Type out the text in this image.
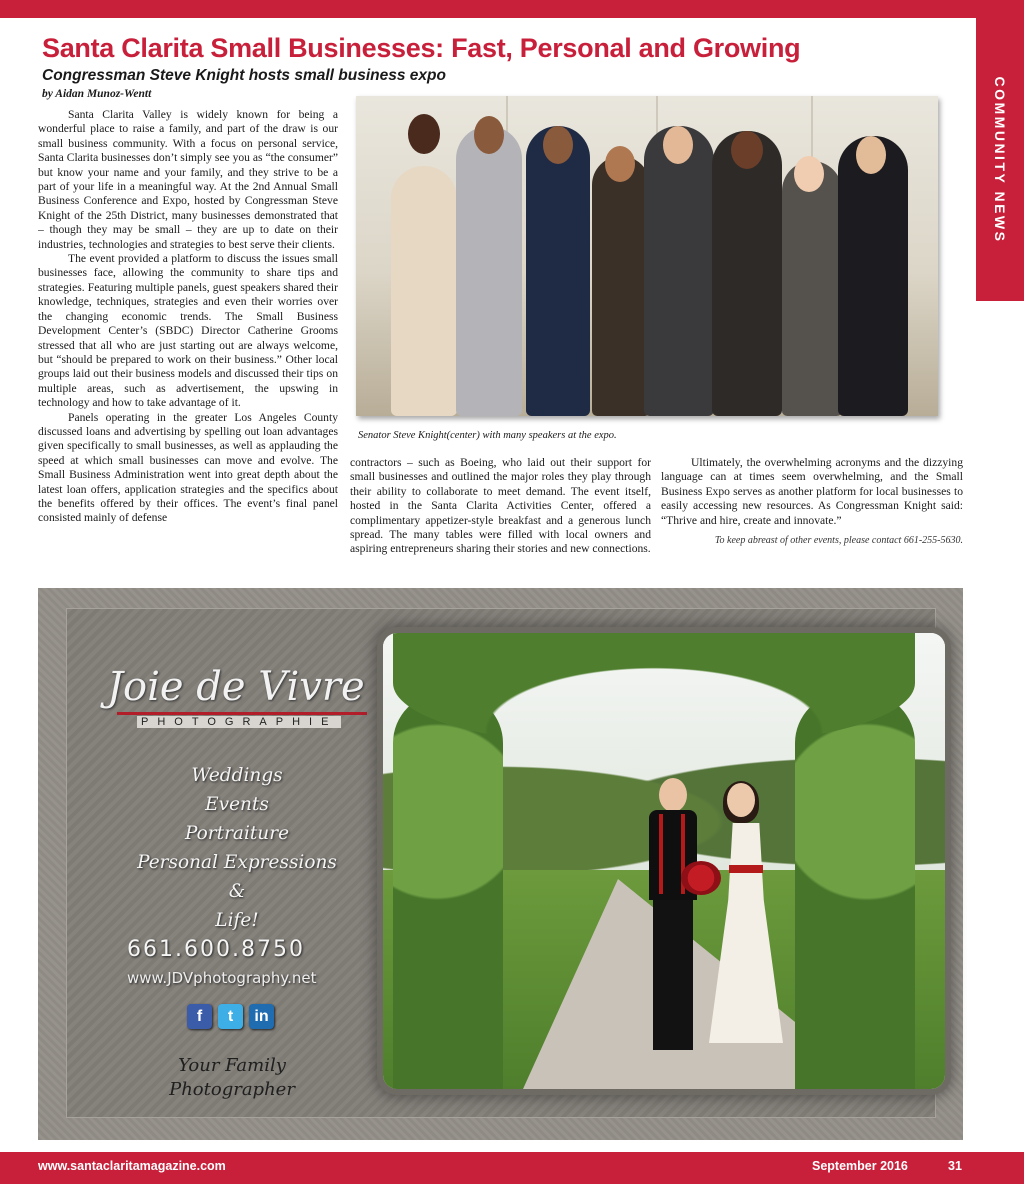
COMMUNITY NEWS
Santa Clarita Small Businesses: Fast, Personal and Growing
Congressman Steve Knight hosts small business expo
by Aidan Munoz-Wentt

Santa Clarita Valley is widely known for being a wonderful place to raise a family, and part of the draw is our small business community. With a focus on personal service, Santa Clarita businesses don’t simply see you as “the consumer” but know your name and your family, and they strive to be a part of your life in a meaningful way. At the 2nd Annual Small Business Conference and Expo, hosted by Congressman Steve Knight of the 25th District, many businesses demonstrated that – though they may be small – they are up to date on their industries, technologies and strategies to best serve their clients.

The event provided a platform to discuss the issues small businesses face, allowing the community to share tips and strategies. Featuring multiple panels, guest speakers shared their knowledge, techniques, strategies and even their worries over the changing economic trends. The Small Business Development Center’s (SBDC) Director Catherine Grooms stressed that all who are just starting out are always welcome, but “should be prepared to work on their business.” Other local groups laid out their business models and discussed their tips on multiple areas, such as advertisement, the upswing in technology and how to take advantage of it.

Panels operating in the greater Los Angeles County discussed loans and advertising by spelling out loan advantages given specifically to small businesses, as well as applauding the speed at which small businesses can move and evolve. The Small Business Administration went into great depth about the latest loan offers, application strategies and the specifics about the benefits offered by their offices. The event’s final panel consisted mainly of defense

Senator Steve Knight(center) with many speakers at the expo.

contractors – such as Boeing, who laid out their support for small businesses and outlined the major roles they play through their ability to collaborate to meet demand. The event itself, hosted in the Santa Clarita Activities Center, offered a complimentary appetizer-style breakfast and a generous lunch spread. The many tables were filled with local owners and aspiring entrepreneurs sharing their stories and new connections.

Ultimately, the overwhelming acronyms and the dizzying language can at times seem overwhelming, and the Small Business Expo serves as another platform for local businesses to easily accessing new resources. As Congressman Knight said: “Thrive and hire, create and innovate.”

To keep abreast of other events, please contact 661-255-5630.
Joie de Vivre
PHOTOGRAPHIE
Weddings
Events
Portraiture
Personal Expressions
&
Life!
661.600.8750
www.JDVphotography.net
f	t	in
Your Family
Photographer
www.santaclaritamagazine.com	September 2016	31
